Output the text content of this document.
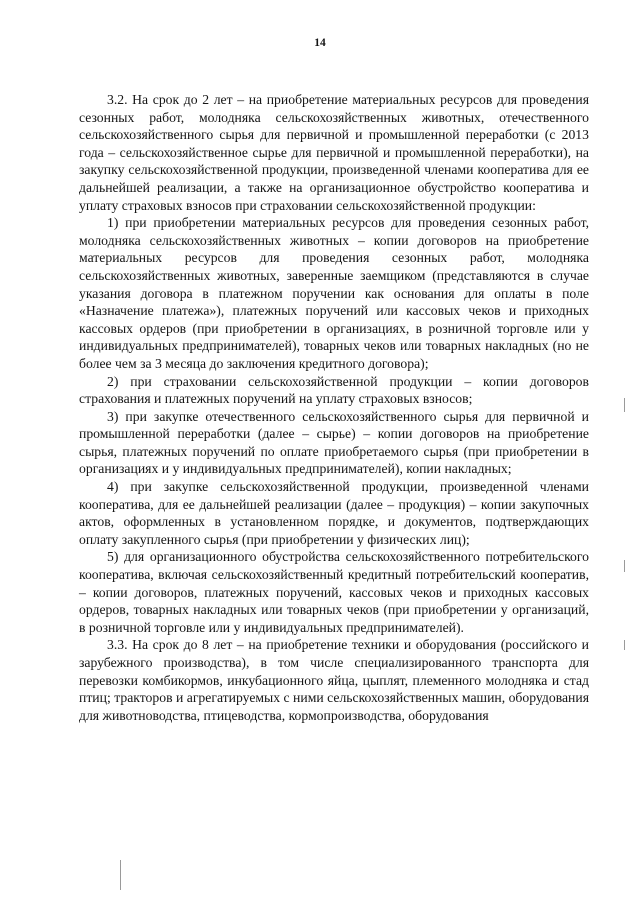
14

3.2. На срок до 2 лет – на приобретение материальных ресурсов для проведения сезонных работ, молодняка сельскохозяйственных животных, отечественного сельскохозяйственного сырья для первичной и промышленной переработки (с 2013 года – сельскохозяйственное сырье для первичной и промышленной переработки), на закупку сельскохозяйственной продукции, произведенной членами кооператива для ее дальнейшей реализации, а также на организационное обустройство кооператива и уплату страховых взносов при страховании сельскохозяйственной продукции:

1) при приобретении материальных ресурсов для проведения сезонных работ, молодняка сельскохозяйственных животных – копии договоров на приобретение материальных ресурсов для проведения сезонных работ, молодняка сельскохозяйственных животных, заверенные заемщиком (представляются в случае указания договора в платежном поручении как основания для оплаты в поле «Назначение платежа»), платежных поручений или кассовых чеков и приходных кассовых ордеров (при приобретении в организациях, в розничной торговле или у индивидуальных предпринимателей), товарных чеков или товарных накладных (но не более чем за 3 месяца до заключения кредитного договора);

2) при страховании сельскохозяйственной продукции – копии договоров страхования и платежных поручений на уплату страховых взносов;

3) при закупке отечественного сельскохозяйственного сырья для первичной и промышленной переработки (далее – сырье) – копии договоров на приобретение сырья, платежных поручений по оплате приобретаемого сырья (при приобретении в организациях и у индивидуальных предпринимателей), копии накладных;

4) при закупке сельскохозяйственной продукции, произведенной членами кооператива, для ее дальнейшей реализации (далее – продукция) – копии закупочных актов, оформленных в установленном порядке, и документов, подтверждающих оплату закупленного сырья (при приобретении у физических лиц);

5) для организационного обустройства сельскохозяйственного потребительского кооператива, включая сельскохозяйственный кредитный потребительский кооператив, – копии договоров, платежных поручений, кассовых чеков и приходных кассовых ордеров, товарных накладных или товарных чеков (при приобретении у организаций, в розничной торговле или у индивидуальных предпринимателей).

3.3. На срок до 8 лет – на приобретение техники и оборудования (российского и зарубежного производства), в том числе специализированного транспорта для перевозки комбикормов, инкубационного яйца, цыплят, племенного молодняка и стад птиц; тракторов и агрегатируемых с ними сельскохозяйственных машин, оборудования для животноводства, птицеводства, кормопроизводства, оборудования
